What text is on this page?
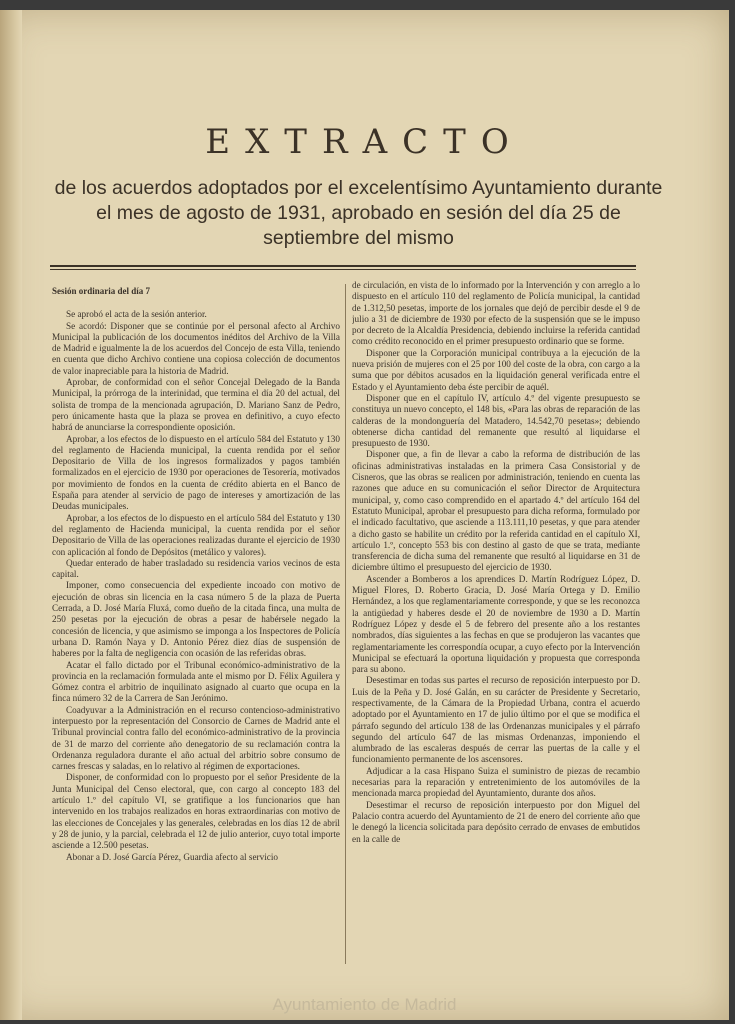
EXTRACTO

de los acuerdos adoptados por el excelentísimo Ayuntamiento durante el mes de agosto de 1931, aprobado en sesión del día 25 de septiembre del mismo

Sesión ordinaria del día 7

Se aprobó el acta de la sesión anterior.

Se acordó: Disponer que se continúe por el personal afecto al Archivo Municipal la publicación de los documentos inéditos del Archivo de la Villa de Madrid e igualmente la de los acuerdos del Concejo de esta Villa, teniendo en cuenta que dicho Archivo contiene una copiosa colección de documentos de valor inapreciable para la historia de Madrid.

Aprobar, de conformidad con el señor Concejal Delegado de la Banda Municipal, la prórroga de la interinidad, que termina el día 20 del actual, del solista de trompa de la mencionada agrupación, D. Mariano Sanz de Pedro, pero únicamente hasta que la plaza se provea en definitivo, a cuyo efecto habrá de anunciarse la correspondiente oposición.

Aprobar, a los efectos de lo dispuesto en el artículo 584 del Estatuto y 130 del reglamento de Hacienda municipal, la cuenta rendida por el señor Depositario de Villa de los ingresos formalizados y pagos también formalizados en el ejercicio de 1930 por operaciones de Tesorería, motivados por movimiento de fondos en la cuenta de crédito abierta en el Banco de España para atender al servicio de pago de intereses y amortización de las Deudas municipales.

Aprobar, a los efectos de lo dispuesto en el artículo 584 del Estatuto y 130 del reglamento de Hacienda municipal, la cuenta rendida por el señor Depositario de Villa de las operaciones realizadas durante el ejercicio de 1930 con aplicación al fondo de Depósitos (metálico y valores).

Quedar enterado de haber trasladado su residencia varios vecinos de esta capital.

Imponer, como consecuencia del expediente incoado con motivo de ejecución de obras sin licencia en la casa número 5 de la plaza de Puerta Cerrada, a D. José María Fluxá, como dueño de la citada finca, una multa de 250 pesetas por la ejecución de obras a pesar de habérsele negado la concesión de licencia, y que asimismo se imponga a los Inspectores de Policía urbana D. Ramón Naya y D. Antonio Pérez diez días de suspensión de haberes por la falta de negligencia con ocasión de las referidas obras.

Acatar el fallo dictado por el Tribunal económico-administrativo de la provincia en la reclamación formulada ante el mismo por D. Félix Aguilera y Gómez contra el arbitrio de inquilinato asignado al cuarto que ocupa en la finca número 32 de la Carrera de San Jerónimo.

Coadyuvar a la Administración en el recurso contencioso-administrativo interpuesto por la representación del Consorcio de Carnes de Madrid ante el Tribunal provincial contra fallo del económico-administrativo de la provincia de 31 de marzo del corriente año denegatorio de su reclamación contra la Ordenanza reguladora durante el año actual del arbitrio sobre consumo de carnes frescas y saladas, en lo relativo al régimen de exportaciones.

Disponer, de conformidad con lo propuesto por el señor Presidente de la Junta Municipal del Censo electoral, que, con cargo al concepto 183 del artículo 1.º del capítulo VI, se gratifique a los funcionarios que han intervenido en los trabajos realizados en horas extraordinarias con motivo de las elecciones de Concejales y las generales, celebradas en los días 12 de abril y 28 de junio, y la parcial, celebrada el 12 de julio anterior, cuyo total importe asciende a 12.500 pesetas.

Abonar a D. José García Pérez, Guardia afecto al servicio

de circulación, en vista de lo informado por la Intervención y con arreglo a lo dispuesto en el artículo 110 del reglamento de Policía municipal, la cantidad de 1.312,50 pesetas, importe de los jornales que dejó de percibir desde el 9 de julio a 31 de diciembre de 1930 por efecto de la suspensión que se le impuso por decreto de la Alcaldía Presidencia, debiendo incluirse la referida cantidad como crédito reconocido en el primer presupuesto ordinario que se forme.

Disponer que la Corporación municipal contribuya a la ejecución de la nueva prisión de mujeres con el 25 por 100 del coste de la obra, con cargo a la suma que por débitos acusados en la liquidación general verificada entre el Estado y el Ayuntamiento deba éste percibir de aquél.

Disponer que en el capítulo IV, artículo 4.º del vigente presupuesto se constituya un nuevo concepto, el 148 bis, «Para las obras de reparación de las calderas de la mondonguería del Matadero, 14.542,70 pesetas»; debiendo obtenerse dicha cantidad del remanente que resultó al liquidarse el presupuesto de 1930.

Disponer que, a fin de llevar a cabo la reforma de distribución de las oficinas administrativas instaladas en la primera Casa Consistorial y de Cisneros, que las obras se realicen por administración, teniendo en cuenta las razones que aduce en su comunicación el señor Director de Arquitectura municipal, y, como caso comprendido en el apartado 4.º del artículo 164 del Estatuto Municipal, aprobar el presupuesto para dicha reforma, formulado por el indicado facultativo, que asciende a 113.111,10 pesetas, y que para atender a dicho gasto se habilite un crédito por la referida cantidad en el capítulo XI, artículo 1.º, concepto 553 bis con destino al gasto de que se trata, mediante transferencia de dicha suma del remanente que resultó al liquidarse en 31 de diciembre último el presupuesto del ejercicio de 1930.

Ascender a Bomberos a los aprendices D. Martín Rodríguez López, D. Miguel Flores, D. Roberto Gracia, D. José María Ortega y D. Emilio Hernández, a los que reglamentariamente corresponde, y que se les reconozca la antigüedad y haberes desde el 20 de noviembre de 1930 a D. Martín Rodríguez López y desde el 5 de febrero del presente año a los restantes nombrados, días siguientes a las fechas en que se produjeron las vacantes que reglamentariamente les correspondía ocupar, a cuyo efecto por la Intervención Municipal se efectuará la oportuna liquidación y propuesta que corresponda para su abono.

Desestimar en todas sus partes el recurso de reposición interpuesto por D. Luis de la Peña y D. José Galán, en su carácter de Presidente y Secretario, respectivamente, de la Cámara de la Propiedad Urbana, contra el acuerdo adoptado por el Ayuntamiento en 17 de julio último por el que se modifica el párrafo segundo del artículo 138 de las Ordenanzas municipales y el párrafo segundo del artículo 647 de las mismas Ordenanzas, imponiendo el alumbrado de las escaleras después de cerrar las puertas de la calle y el funcionamiento permanente de los ascensores.

Adjudicar a la casa Hispano Suiza el suministro de piezas de recambio necesarias para la reparación y entretenimiento de los automóviles de la mencionada marca propiedad del Ayuntamiento, durante dos años.

Desestimar el recurso de reposición interpuesto por don Miguel del Palacio contra acuerdo del Ayuntamiento de 21 de enero del corriente año que le denegó la licencia solicitada para depósito cerrado de envases de embutidos en la calle de

Ayuntamiento de Madrid
